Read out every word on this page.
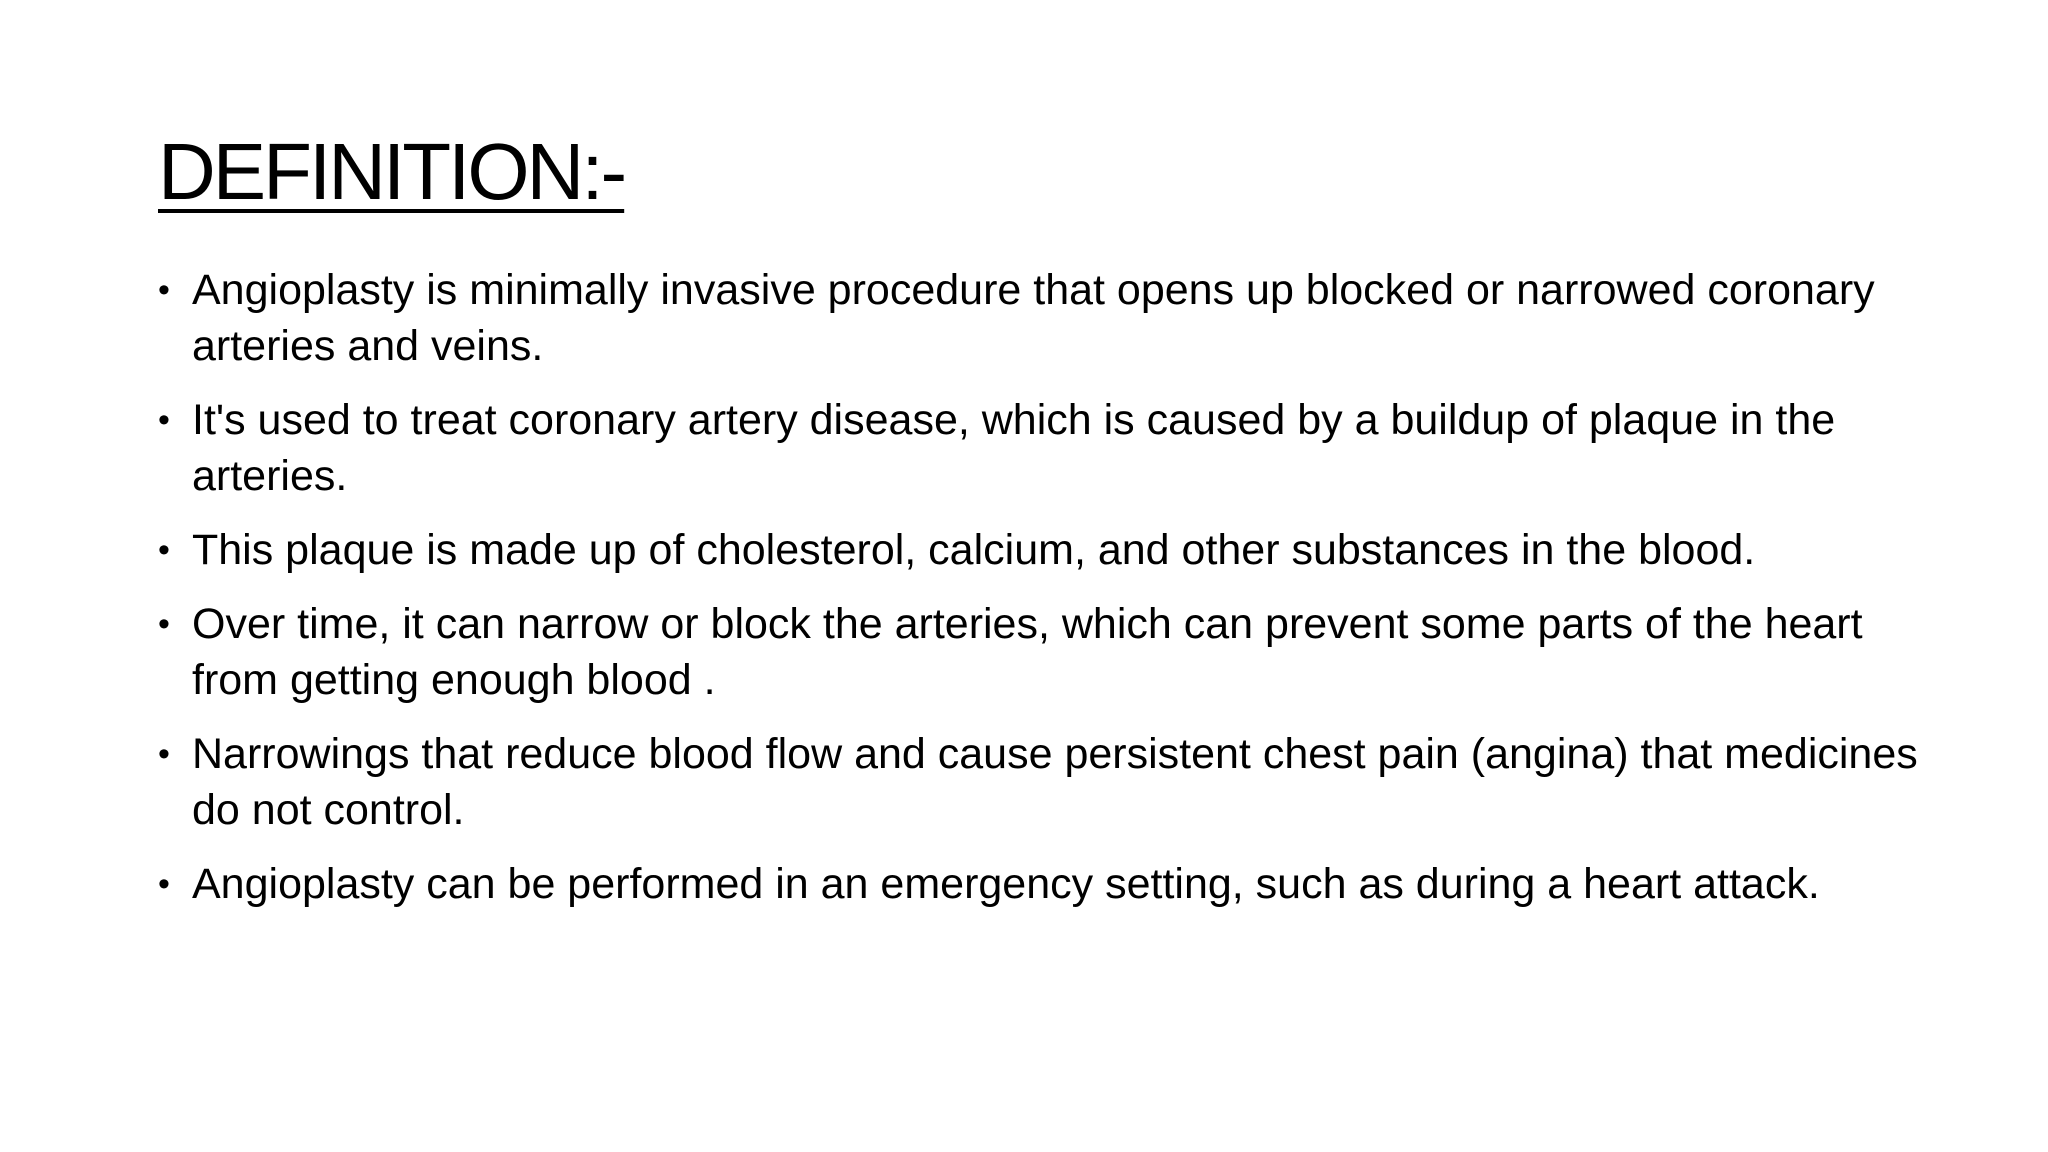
DEFINITION:-
• Angioplasty is minimally invasive procedure that opens up blocked or narrowed coronary arteries and veins.
• It's used to treat coronary artery disease, which is caused by a buildup of plaque in the arteries.
• This plaque is made up of cholesterol, calcium, and other substances in the blood.
• Over time, it can narrow or block the arteries, which can prevent some parts of the heart from getting enough blood .
• Narrowings that reduce blood flow and cause persistent chest pain (angina) that medicines do not control.
• Angioplasty can be performed in an emergency setting, such as during a heart attack.
